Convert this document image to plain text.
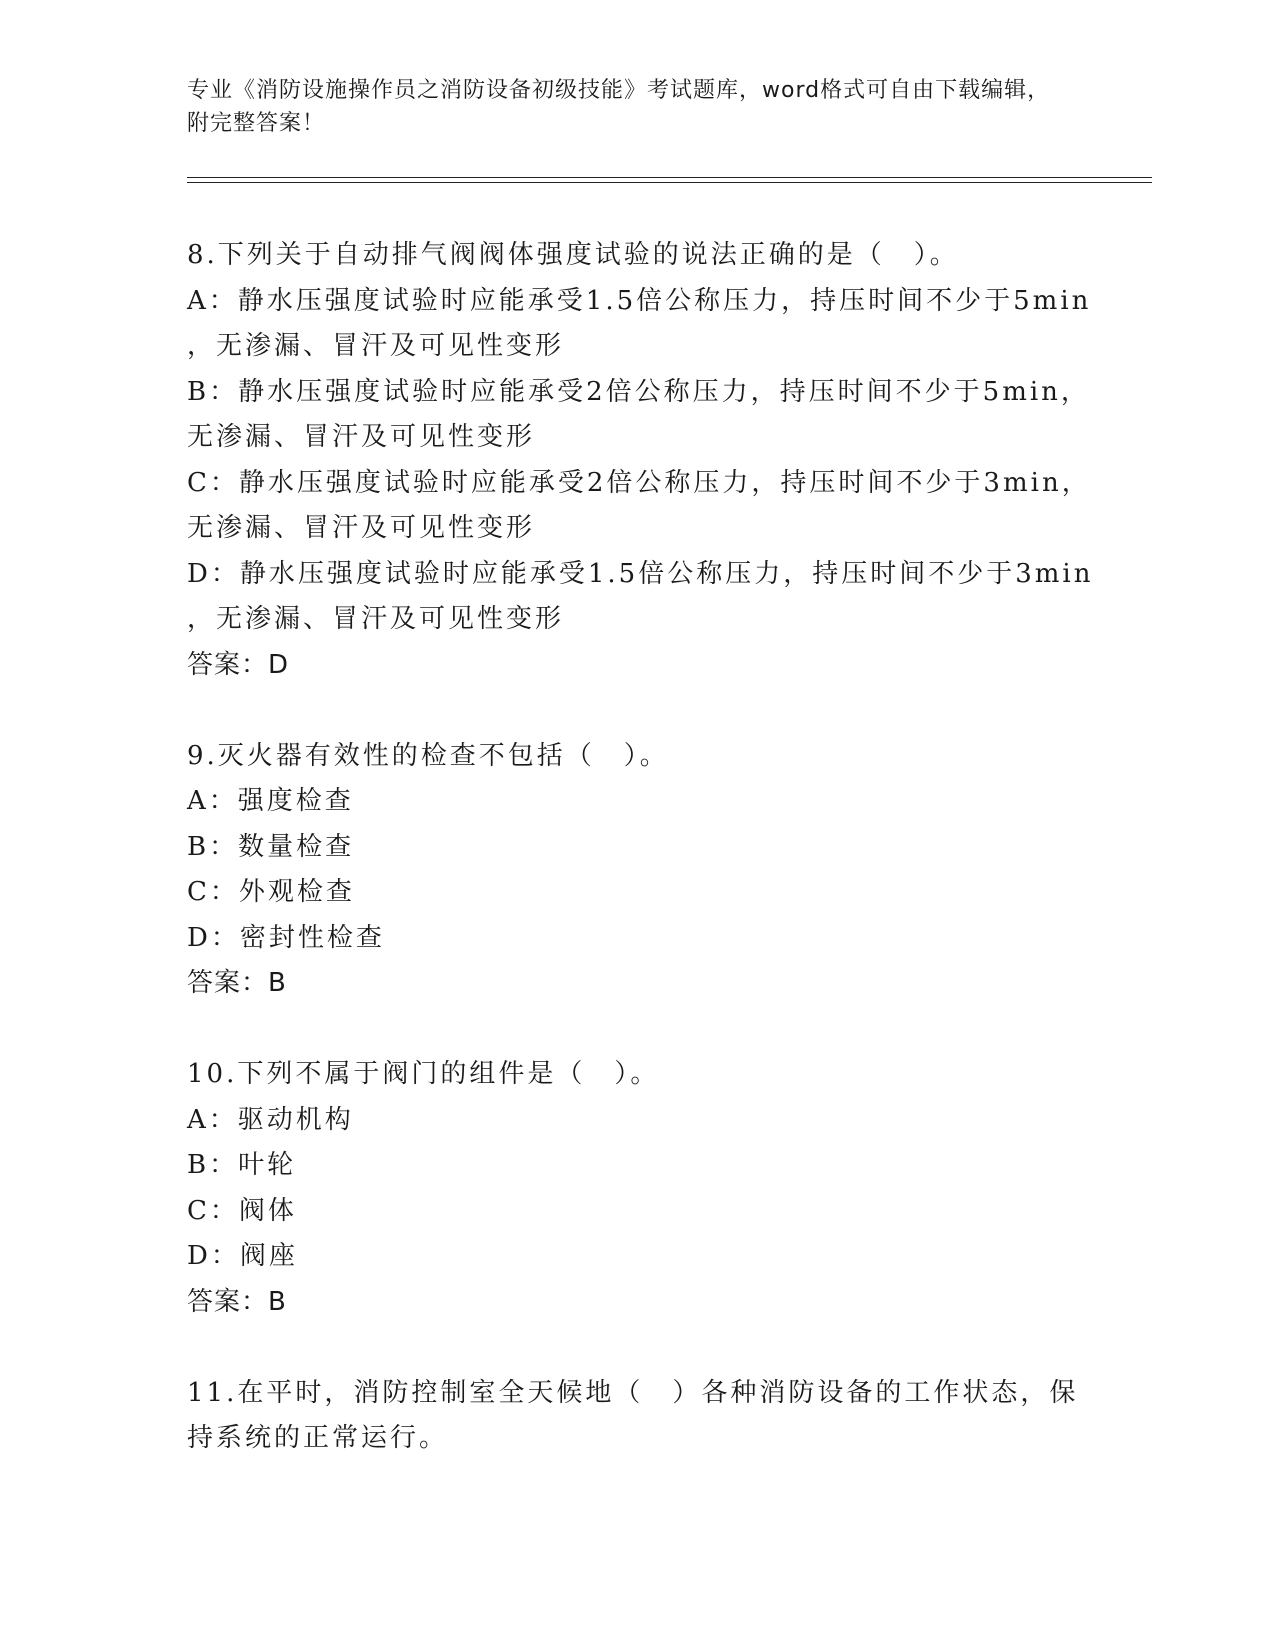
专业《消防设施操作员之消防设备初级技能》考试题库，word格式可自由下载编辑，附完整答案！
8.下列关于自动排气阀阀体强度试验的说法正确的是（　）。
A：静水压强度试验时应能承受1.5倍公称压力，持压时间不少于5min
，无渗漏、冒汗及可见性变形
B：静水压强度试验时应能承受2倍公称压力，持压时间不少于5min，
无渗漏、冒汗及可见性变形
C：静水压强度试验时应能承受2倍公称压力，持压时间不少于3min，
无渗漏、冒汗及可见性变形
D：静水压强度试验时应能承受1.5倍公称压力，持压时间不少于3min
，无渗漏、冒汗及可见性变形
答案：D
9.灭火器有效性的检查不包括（　）。
A：强度检查
B：数量检查
C：外观检查
D：密封性检查
答案：B
10.下列不属于阀门的组件是（　）。
A：驱动机构
B：叶轮
C：阀体
D：阀座
答案：B
11.在平时，消防控制室全天候地（　）各种消防设备的工作状态，保
持系统的正常运行。
